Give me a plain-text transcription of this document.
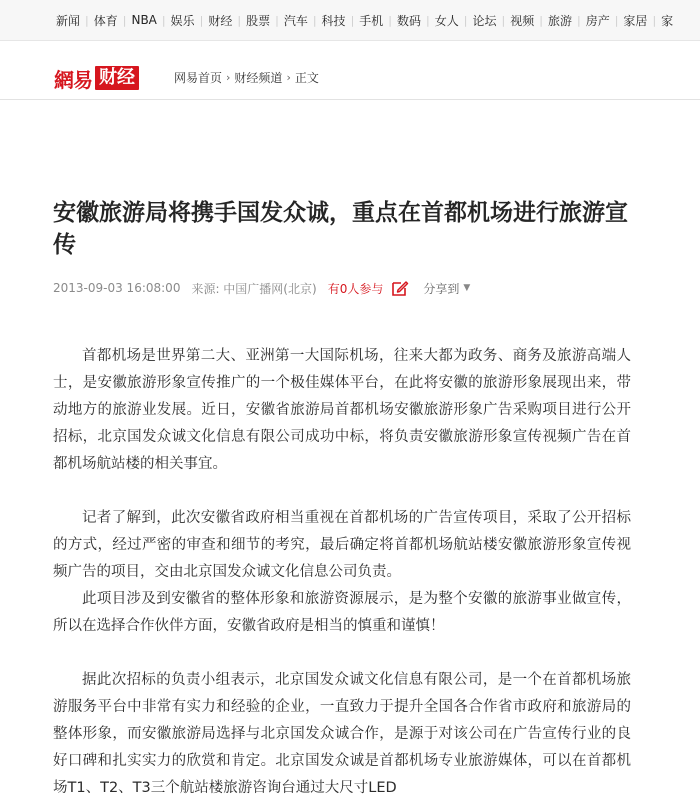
新闻 | 体育 | NBA | 娱乐 | 财经 | 股票 | 汽车 | 科技 | 手机 | 数码 | 女人 | 论坛 | 视频 | 旅游 | 房产 | 家居 | 家
網易 财经	网易首页 › 财经频道 › 正文
安徽旅游局将携手国发众诚，重点在首都机场进行旅游宣传
2013-09-03 16:08:00 来源: 中国广播网(北京) 有0人参与	分享到 ▼

首都机场是世界第二大、亚洲第一大国际机场，往来大都为政务、商务及旅游高端人士，是安徽旅游形象宣传推广的一个极佳媒体平台，在此将安徽的旅游形象展现出来，带动地方的旅游业发展。近日，安徽省旅游局首都机场安徽旅游形象广告采购项目进行公开招标，北京国发众诚文化信息有限公司成功中标，将负责安徽旅游形象宣传视频广告在首都机场航站楼的相关事宜。

记者了解到，此次安徽省政府相当重视在首都机场的广告宣传项目，采取了公开招标的方式，经过严密的审查和细节的考究，最后确定将首都机场航站楼安徽旅游形象宣传视频广告的项目，交由北京国发众诚文化信息公司负责。

此项目涉及到安徽省的整体形象和旅游资源展示，是为整个安徽的旅游事业做宣传，所以在选择合作伙伴方面，安徽省政府是相当的慎重和谨慎！

据此次招标的负责小组表示，北京国发众诚文化信息有限公司，是一个在首都机场旅游服务平台中非常有实力和经验的企业，一直致力于提升全国各合作省市政府和旅游局的整体形象，而安徽旅游局选择与北京国发众诚合作，是源于对该公司在广告宣传行业的良好口碑和扎实实力的欣赏和肯定。北京国发众诚是首都机场专业旅游媒体，可以在首都机场T1、T2、T3三个航站楼旅游咨询台通过大尺寸LED
